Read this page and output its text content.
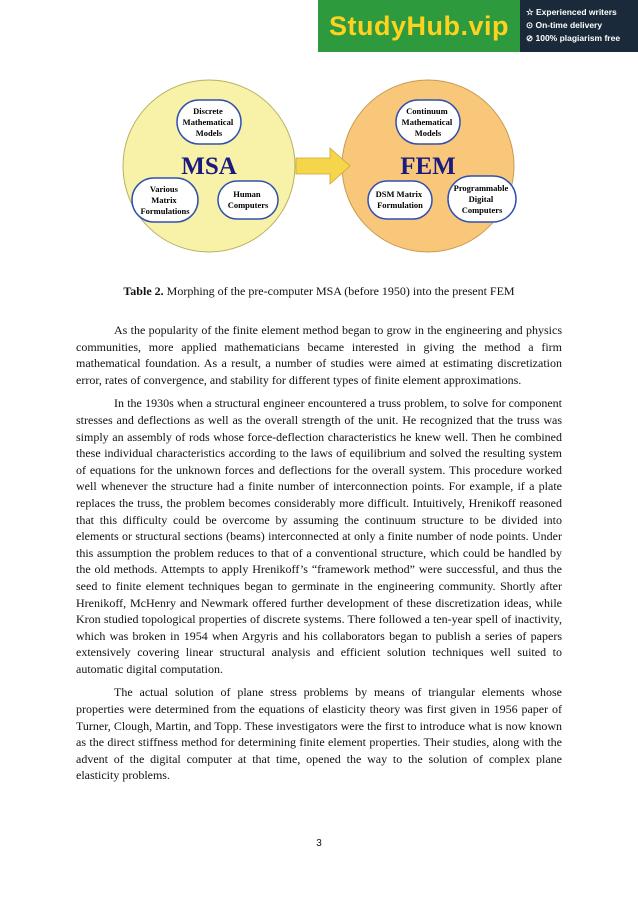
StudyHub.vip ☆ Experienced writers
⊙ On-time delivery
⊘ 100% plagiarism free
Discrete Mathematical Models
MSA
Various Matrix Formulations
Human Computers
Continuum Mathematical Models
FEM
DSM Matrix Formulation
Programmable Digital Computers
Table 2. Morphing of the pre-computer MSA (before 1950) into the present FEM

As the popularity of the finite element method began to grow in the engineering and physics communities, more applied mathematicians became interested in giving the method a firm mathematical foundation. As a result, a number of studies were aimed at estimating discretization error, rates of convergence, and stability for different types of finite element approximations.

In the 1930s when a structural engineer encountered a truss problem, to solve for component stresses and deflections as well as the overall strength of the unit. He recognized that the truss was simply an assembly of rods whose force-deflection characteristics he knew well. Then he combined these individual characteristics according to the laws of equilibrium and solved the resulting system of equations for the unknown forces and deflections for the overall system. This procedure worked well whenever the structure had a finite number of interconnection points. For example, if a plate replaces the truss, the problem becomes considerably more difficult. Intuitively, Hrenikoff reasoned that this difficulty could be overcome by assuming the continuum structure to be divided into elements or structural sections (beams) interconnected at only a finite number of node points. Under this assumption the problem reduces to that of a conventional structure, which could be handled by the old methods. Attempts to apply Hrenikoff’s “framework method” were successful, and thus the seed to finite element techniques began to germinate in the engineering community. Shortly after Hrenikoff, McHenry and Newmark offered further development of these discretization ideas, while Kron studied topological properties of discrete systems. There followed a ten-year spell of inactivity, which was broken in 1954 when Argyris and his collaborators began to publish a series of papers extensively covering linear structural analysis and efficient solution techniques well suited to automatic digital computation.

The actual solution of plane stress problems by means of triangular elements whose properties were determined from the equations of elasticity theory was first given in 1956 paper of Turner, Clough, Martin, and Topp. These investigators were the first to introduce what is now known as the direct stiffness method for determining finite element properties. Their studies, along with the advent of the digital computer at that time, opened the way to the solution of complex plane elasticity problems.

3
